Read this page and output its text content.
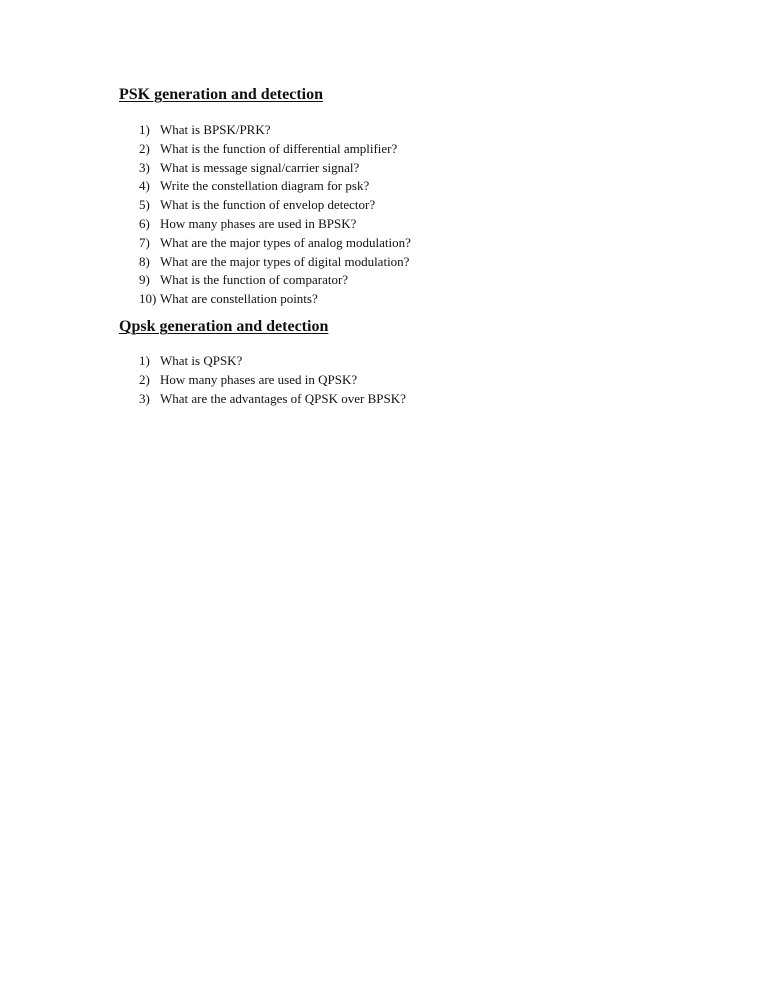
PSK generation and detection
1) What is BPSK/PRK?
2) What is the function of differential amplifier?
3) What is message signal/carrier signal?
4) Write the constellation diagram for psk?
5) What is the function of envelop detector?
6) How many phases are used in BPSK?
7) What are the major types of analog modulation?
8) What are the major types of digital modulation?
9) What is the function of comparator?
10) What are constellation points?
Qpsk generation and detection
1) What is QPSK?
2) How many phases are used in QPSK?
3) What are the advantages of QPSK over BPSK?
